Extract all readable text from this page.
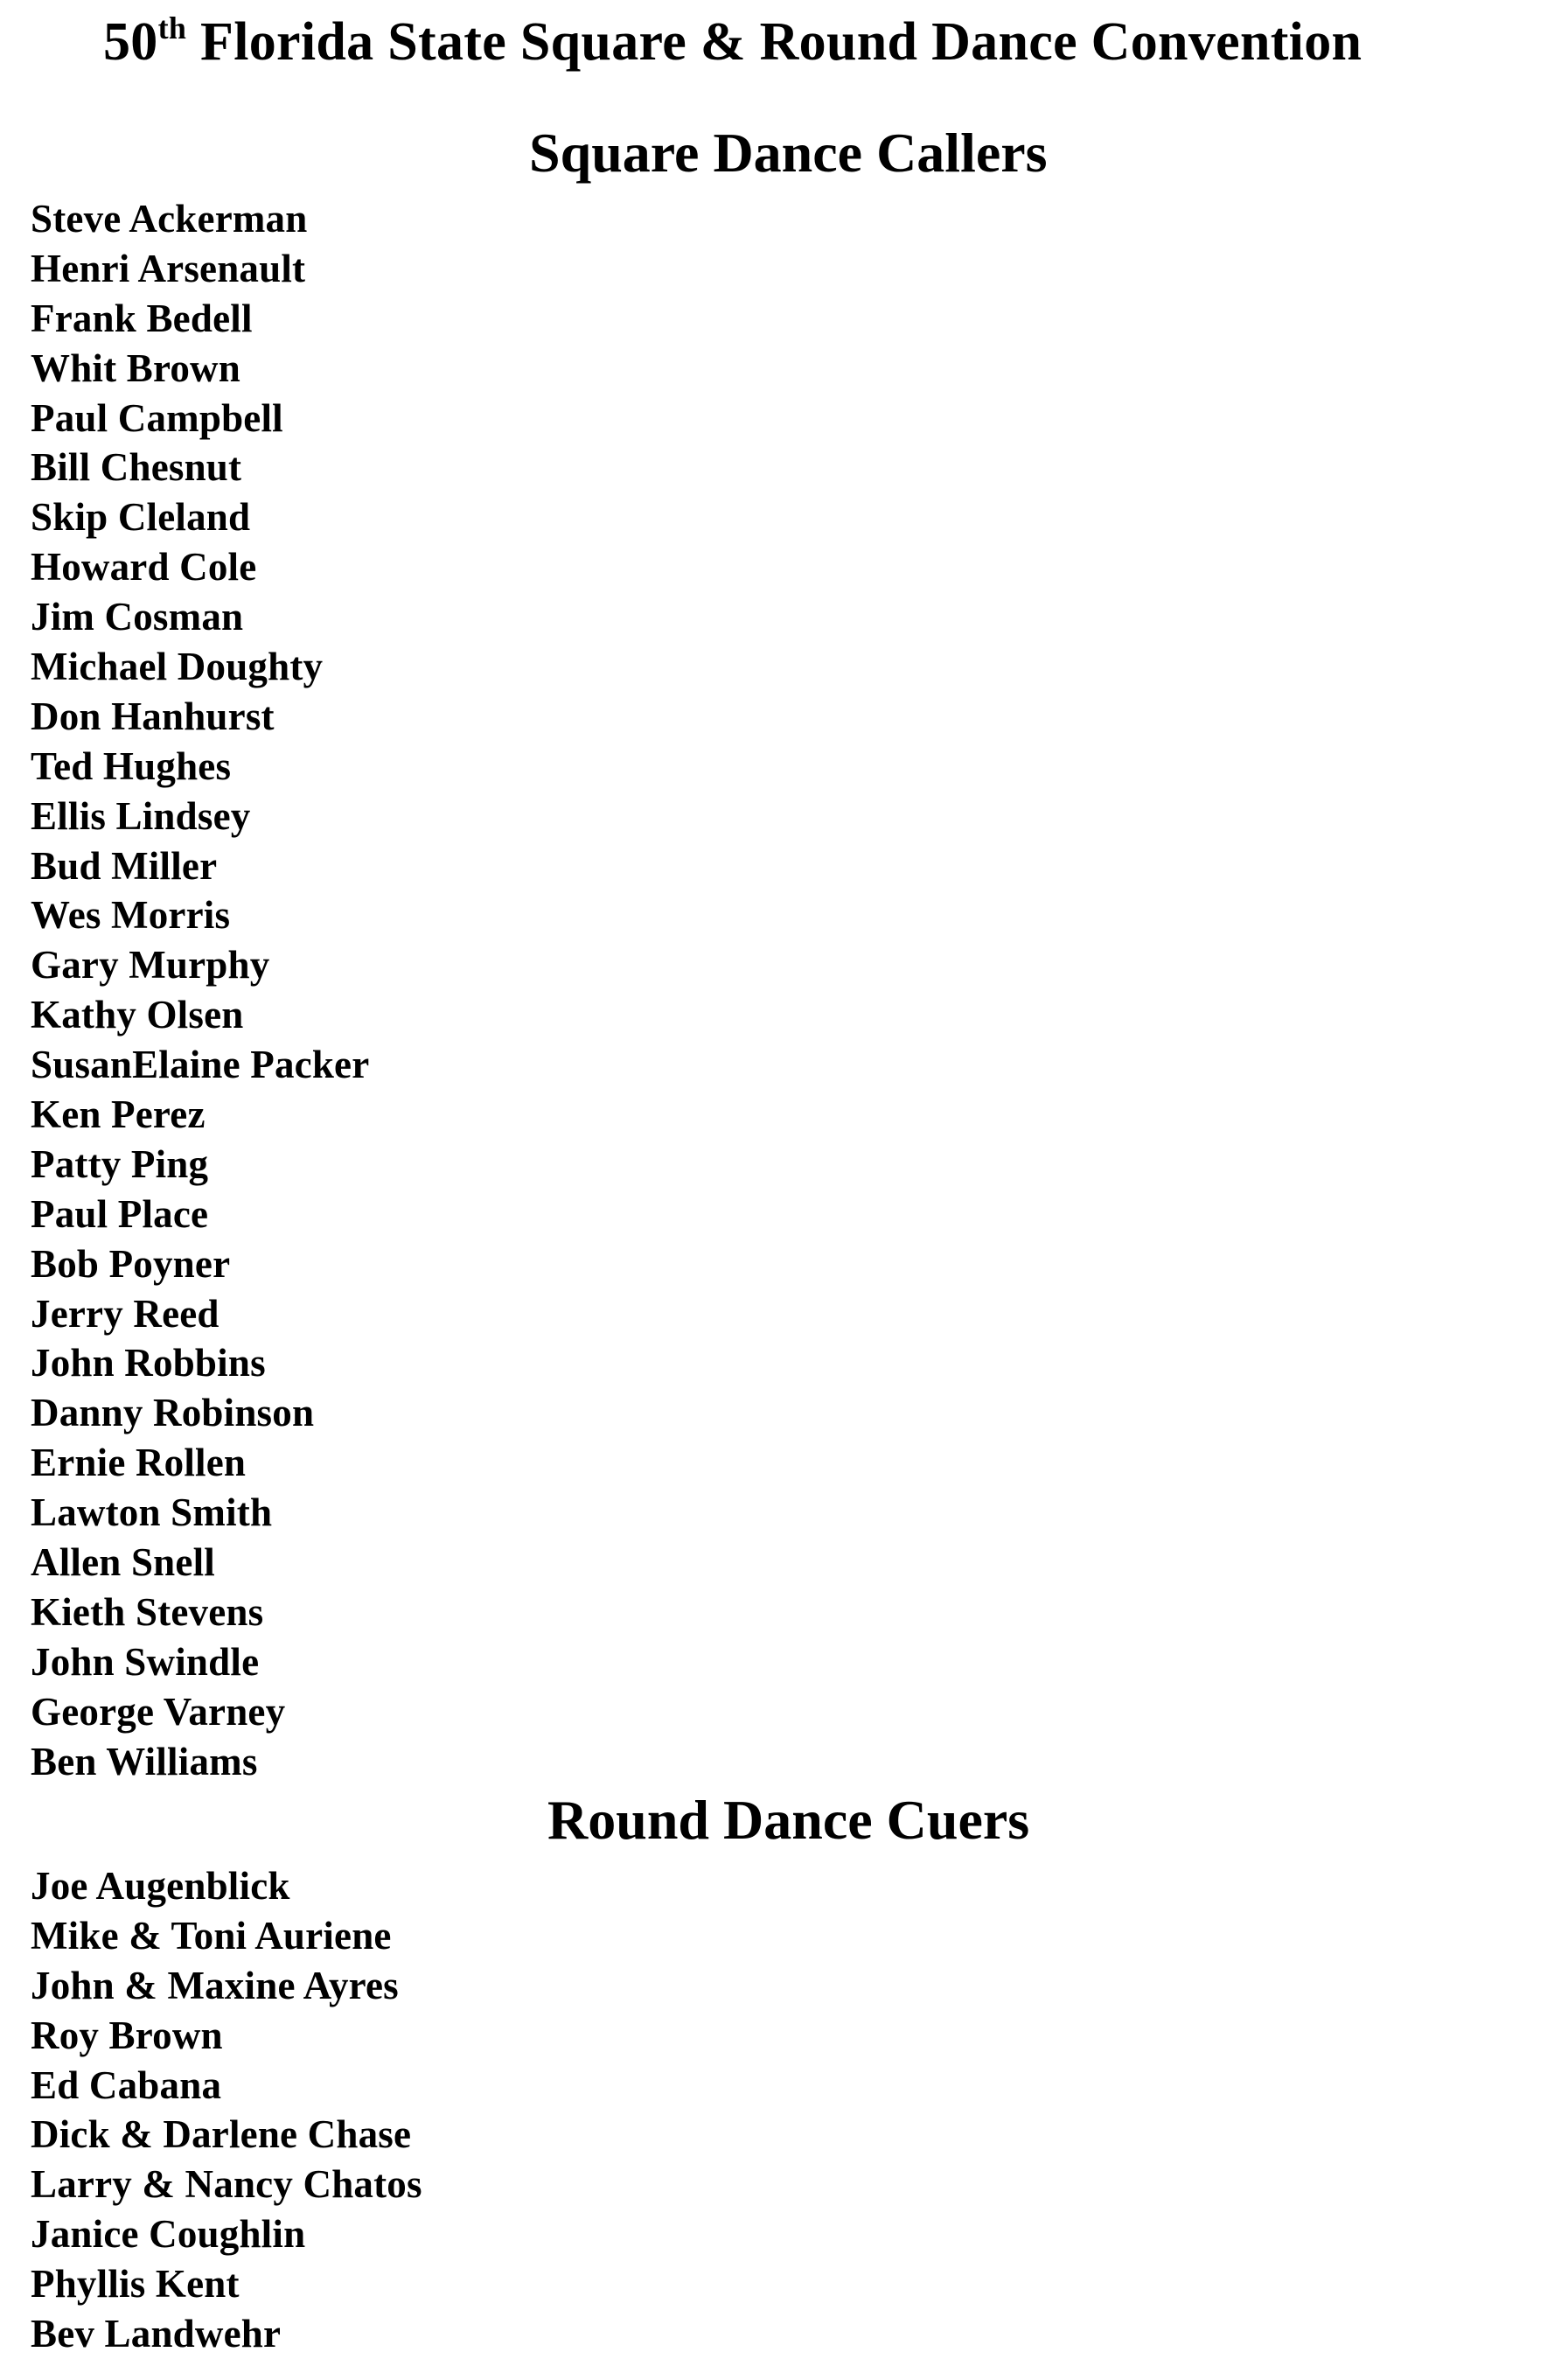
50th Florida State Square & Round Dance Convention
Square Dance Callers
Steve Ackerman
Henri Arsenault
Frank Bedell
Whit Brown
Paul Campbell
Bill Chesnut
Skip Cleland
Howard Cole
Jim Cosman
Michael Doughty
Don Hanhurst
Ted Hughes
Ellis Lindsey
Bud Miller
Wes Morris
Gary Murphy
Kathy Olsen
SusanElaine Packer
Ken Perez
Patty Ping
Paul Place
Bob Poyner
Jerry Reed
John Robbins
Danny Robinson
Ernie Rollen
Lawton Smith
Allen Snell
Kieth Stevens
John Swindle
George Varney
Ben Williams
Round Dance Cuers
Joe Augenblick
Mike & Toni Auriene
John & Maxine Ayres
Roy Brown
Ed Cabana
Dick & Darlene Chase
Larry & Nancy Chatos
Janice Coughlin
Phyllis Kent
Bev Landwehr
